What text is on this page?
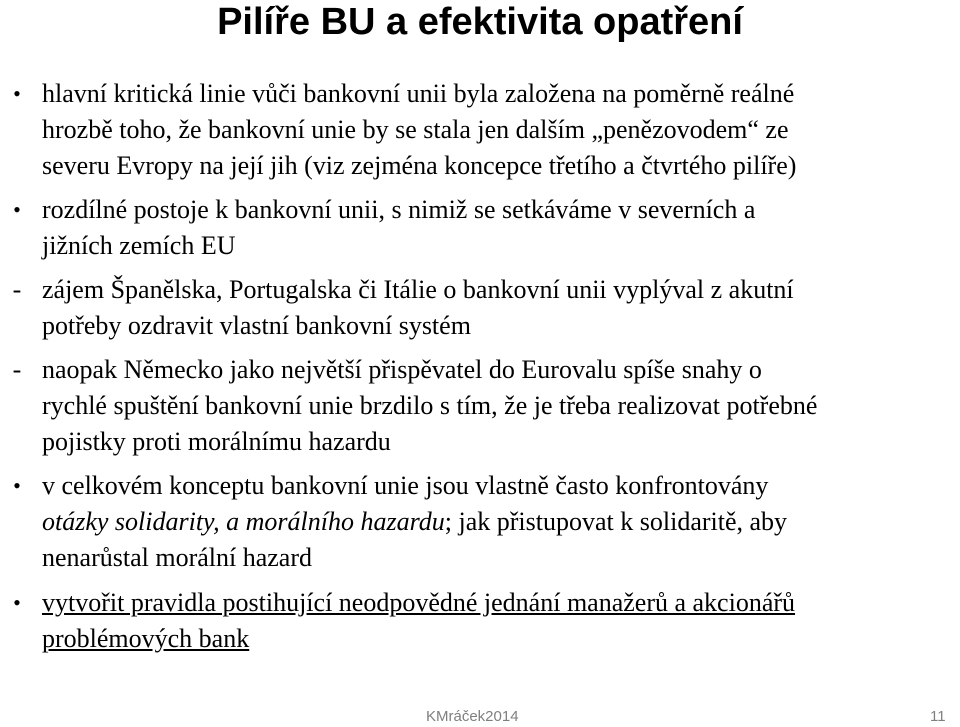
Pilíře BU a efektivita opatření
• hlavní kritická linie vůči bankovní unii byla založena na poměrně reálné
hrozbě toho, že bankovní unie by se stala jen dalším „penězovodem“ ze
severu Evropy na její jih (viz zejména koncepce třetího a čtvrtého pilíře)
• rozdílné postoje k bankovní unii, s nimiž se setkáváme v severních a
jižních zemích EU
- zájem Španělska, Portugalska či Itálie o bankovní unii vyplýval z akutní
potřeby ozdravit vlastní bankovní systém
- naopak Německo jako největší přispěvatel do Eurovalu spíše snahy o
rychlé spuštění bankovní unie brzdilo s tím, že je třeba realizovat potřebné
pojistky proti morálnímu hazardu
• v celkovém konceptu bankovní unie jsou vlastně často konfrontovány
otázky solidarity, a morálního hazardu; jak přistupovat k solidaritě, aby
nenarůstal morální hazard
• vytvořit pravidla postihující neodpovědné jednání manažerů a akcionářů
problémových bank
KMráček2014	11
